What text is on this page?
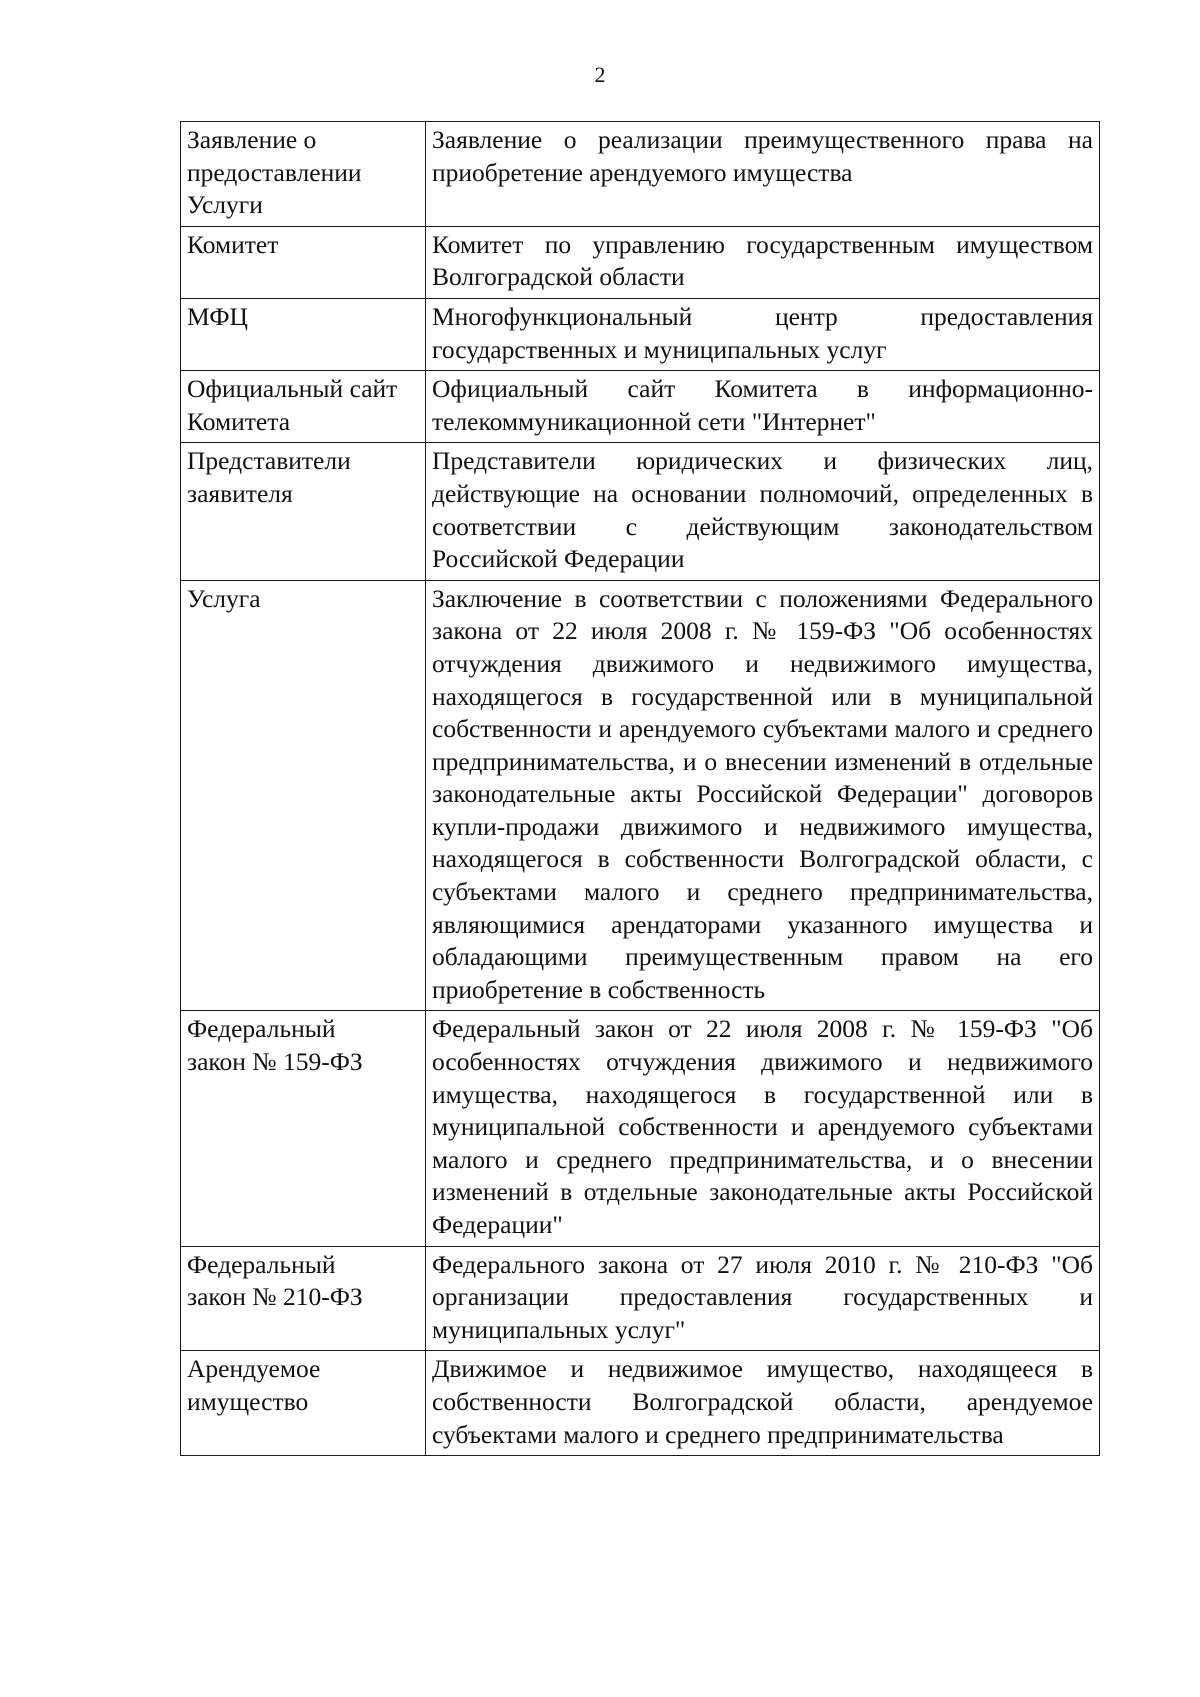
2
Заявление о предоставлении Услуги	Заявление о реализации преимущественного права на приобретение арендуемого имущества

Комитет	Комитет по управлению государственным имуществом Волгоградской области

МФЦ	Многофункциональный центр предоставления государственных и муниципальных услуг

Официальный сайт Комитета	Официальный сайт Комитета в информационно-телекоммуникационной сети "Интернет"

Представители заявителя	Представители юридических и физических лиц, действующие на основании полномочий, определенных в соответствии с действующим законодательством Российской Федерации

Услуга	Заключение в соответствии с положениями Федерального закона от 22 июля 2008 г. № 159-ФЗ "Об особенностях отчуждения движимого и недвижимого имущества, находящегося в государственной или в муниципальной собственности и арендуемого субъектами малого и среднего предпринимательства, и о внесении изменений в отдельные законодательные акты Российской Федерации" договоров купли-продажи движимого и недвижимого имущества, находящегося в собственности Волгоградской области, с субъектами малого и среднего предпринимательства, являющимися арендаторами указанного имущества и обладающими преимущественным правом на его приобретение в собственность

Федеральный закон № 159-ФЗ	Федеральный закон от 22 июля 2008 г. № 159-ФЗ "Об особенностях отчуждения движимого и недвижимого имущества, находящегося в государственной или в муниципальной собственности и арендуемого субъектами малого и среднего предпринимательства, и о внесении изменений в отдельные законодательные акты Российской Федерации"

Федеральный закон № 210-ФЗ	Федерального закона от 27 июля 2010 г. № 210-ФЗ "Об организации предоставления государственных и муниципальных услуг"

Арендуемое имущество	Движимое и недвижимое имущество, находящееся в собственности Волгоградской области, арендуемое субъектами малого и среднего предпринимательства
